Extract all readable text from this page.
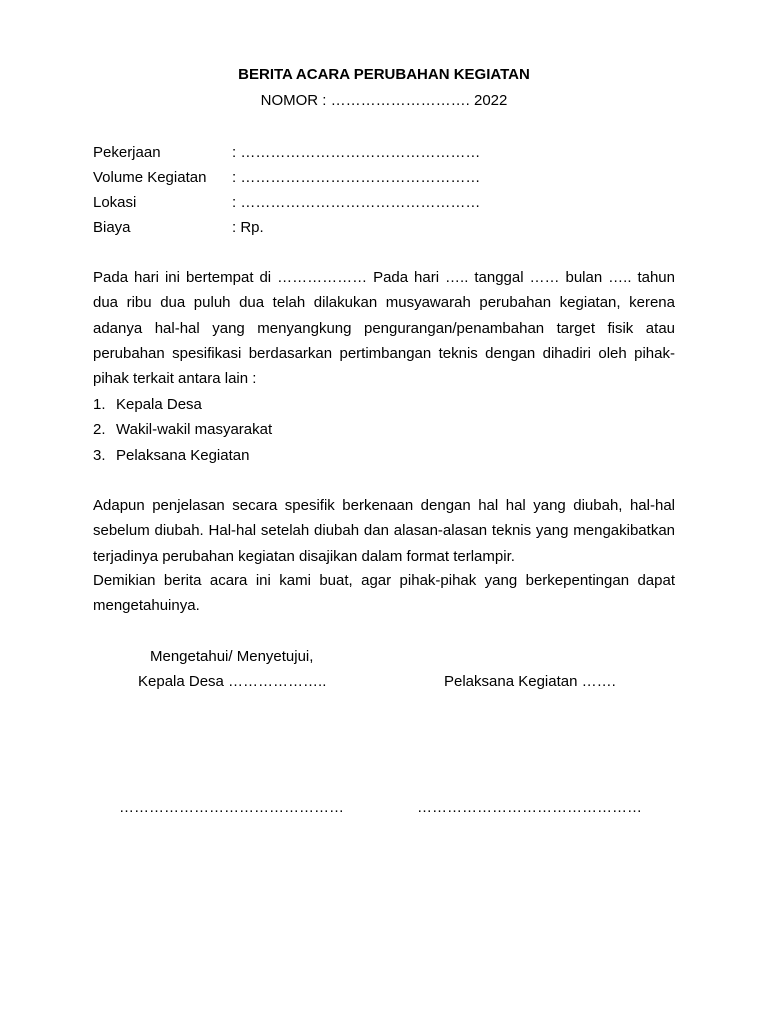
BERITA ACARA PERUBAHAN KEGIATAN
NOMOR : ………………………. 2022
Pekerjaan	: …………………………………………
Volume Kegiatan : …………………………………………
Lokasi	: …………………………………………
Biaya	: Rp.

Pada hari ini bertempat di ……………… Pada hari ….. tanggal …… bulan ….. tahun dua ribu dua puluh dua telah dilakukan musyawarah perubahan kegiatan, kerena adanya hal-hal yang menyangkung pengurangan/penambahan target fisik atau perubahan spesifikasi berdasarkan pertimbangan teknis dengan dihadiri oleh pihak-pihak terkait antara lain :

1. Kepala Desa
2. Wakil-wakil masyarakat
3. Pelaksana Kegiatan

Adapun penjelasan secara spesifik berkenaan dengan hal hal yang diubah, hal-hal sebelum diubah. Hal-hal setelah diubah dan alasan-alasan teknis yang mengakibatkan terjadinya perubahan kegiatan disajikan dalam format terlampir.

Demikian berita acara ini kami buat, agar pihak-pihak yang berkepentingan dapat mengetahuinya.

Mengetahui/ Menyetujui,
Kepala Desa ………………..	Pelaksana Kegiatan …….
………………………………………	………………………………………
